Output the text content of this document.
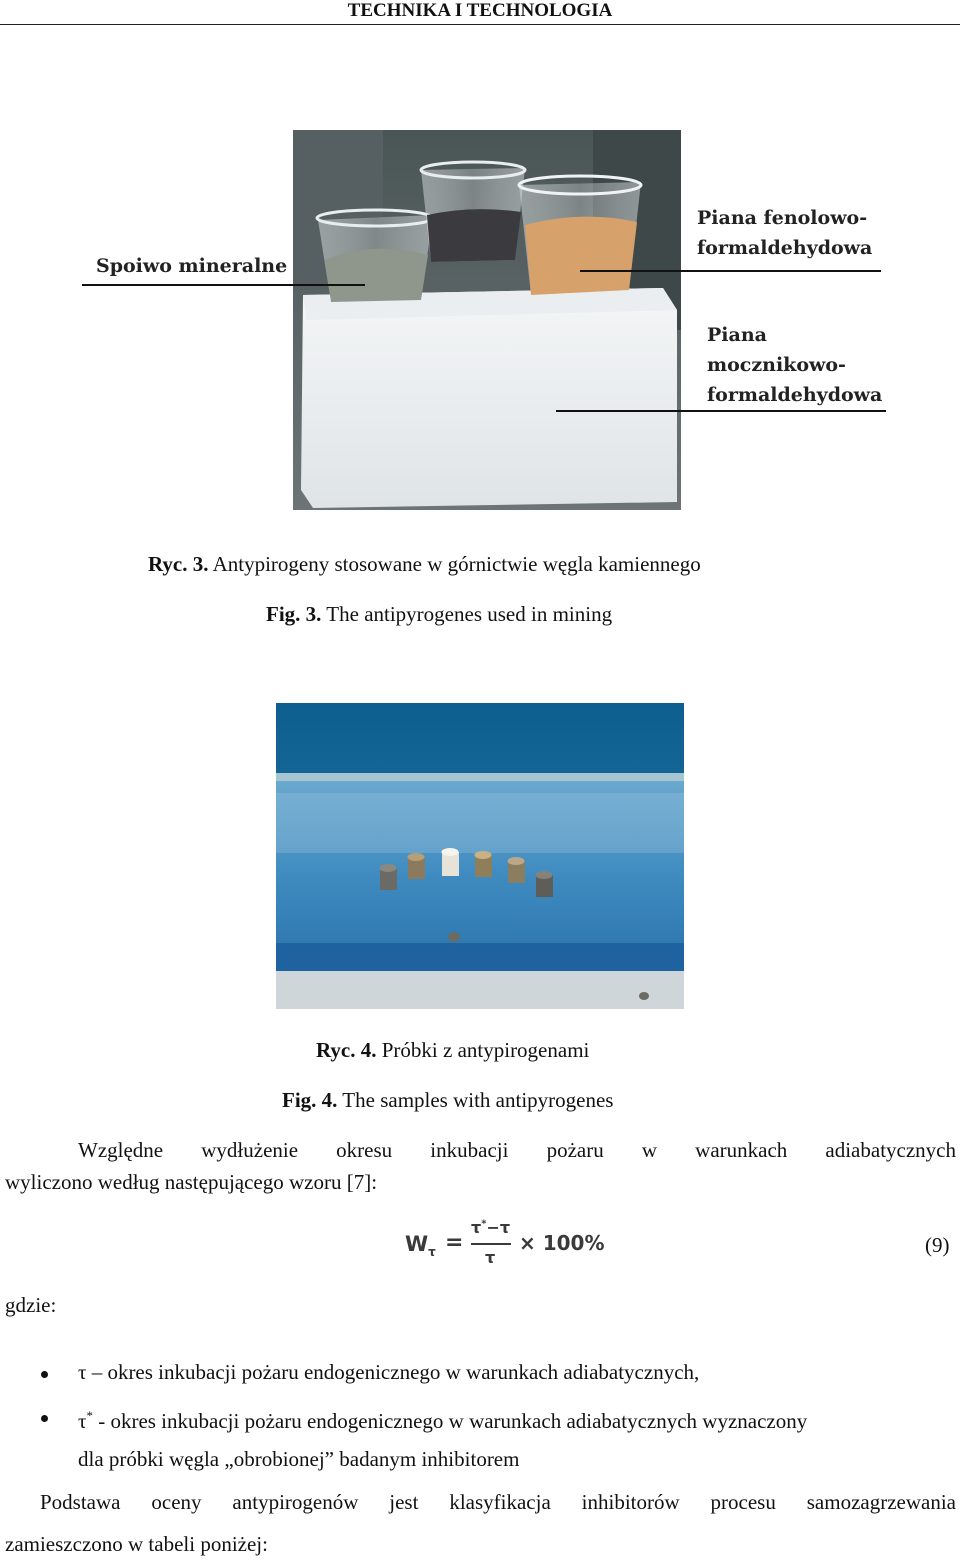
TECHNIKA I TECHNOLOGIA
Spoiwo mineralne
Piana fenolowo-
formaldehydowa
Piana
mocznikowo-
formaldehydowa
Ryc. 3. Antypirogeny stosowane w górnictwie węgla kamiennego
Fig. 3. The antipyrogenes used in mining
Ryc. 4. Próbki z antypirogenami
Fig. 4. The samples with antipyrogenes
Względne wydłużenie okresu inkubacji pożaru w warunkach adiabatycznych
wyliczono według następującego wzoru [7]:
$W_\tau$ =
τ*−τ
τ
× 100%	(9)
gdzie:
τ – okres inkubacji pożaru endogenicznego w warunkach adiabatycznych,
τ* - okres inkubacji pożaru endogenicznego w warunkach adiabatycznych wyznaczony
dla próbki węgla „obrobionej” badanym inhibitorem
Podstawa oceny antypirogenów jest klasyfikacja inhibitorów procesu samozagrzewania
zamieszczono w tabeli poniżej:
